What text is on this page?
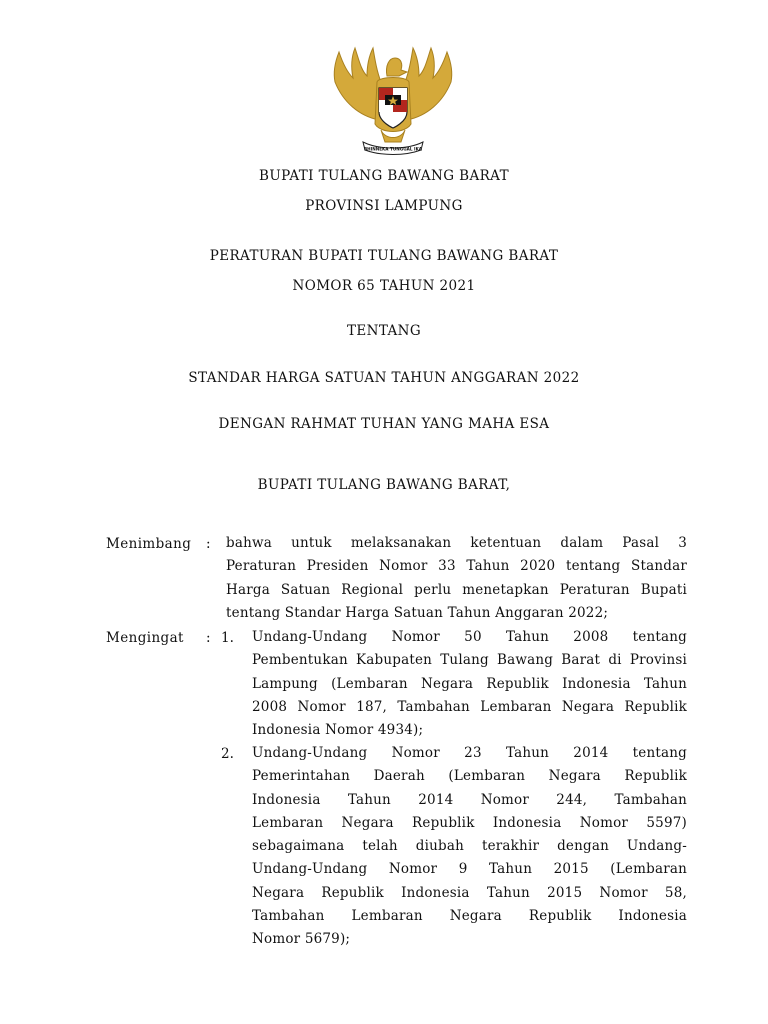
BHINNEKA TUNGGAL IKA
BUPATI TULANG BAWANG BARAT
PROVINSI LAMPUNG
PERATURAN BUPATI TULANG BAWANG BARAT
NOMOR 65 TAHUN 2021
TENTANG
STANDAR HARGA SATUAN TAHUN ANGGARAN 2022
DENGAN RAHMAT TUHAN YANG MAHA ESA
BUPATI TULANG BAWANG BARAT,
Menimbang : bahwa untuk melaksanakan ketentuan dalam Pasal 3
Peraturan Presiden Nomor 33 Tahun 2020 tentang Standar
Harga Satuan Regional perlu menetapkan Peraturan Bupati
tentang Standar Harga Satuan Tahun Anggaran 2022;
Mengingat : 1. Undang-Undang Nomor 50 Tahun 2008 tentang
Pembentukan Kabupaten Tulang Bawang Barat di Provinsi
Lampung (Lembaran Negara Republik Indonesia Tahun
2008 Nomor 187, Tambahan Lembaran Negara Republik
Indonesia Nomor 4934);
2. Undang-Undang Nomor 23 Tahun 2014 tentang
Pemerintahan Daerah (Lembaran Negara Republik
Indonesia Tahun 2014 Nomor 244, Tambahan
Lembaran Negara Republik Indonesia Nomor 5597)
sebagaimana telah diubah terakhir dengan Undang-
Undang-Undang Nomor 9 Tahun 2015 (Lembaran
Negara Republik Indonesia Tahun 2015 Nomor 58,
Tambahan Lembaran Negara Republik Indonesia
Nomor 5679);
